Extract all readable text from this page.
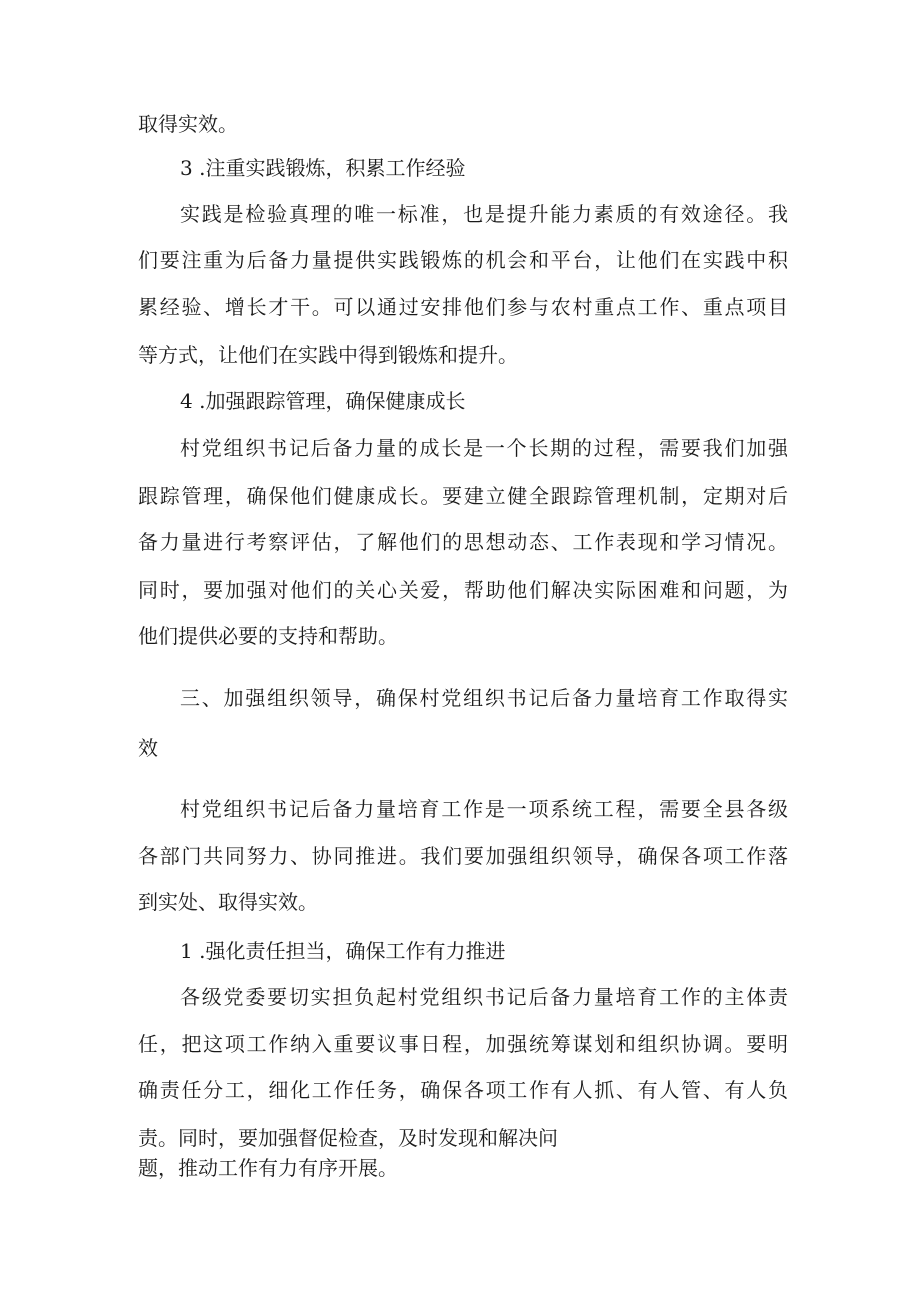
取得实效。
3 .注重实践锻炼，积累工作经验
实践是检验真理的唯一标准，也是提升能力素质的有效途径。我
们要注重为后备力量提供实践锻炼的机会和平台，让他们在实践中积
累经验、增长才干。可以通过安排他们参与农村重点工作、重点项目
等方式，让他们在实践中得到锻炼和提升。
4 .加强跟踪管理，确保健康成长
村党组织书记后备力量的成长是一个长期的过程，需要我们加强
跟踪管理，确保他们健康成长。要建立健全跟踪管理机制，定期对后
备力量进行考察评估，了解他们的思想动态、工作表现和学习情况。
同时，要加强对他们的关心关爱，帮助他们解决实际困难和问题，为
他们提供必要的支持和帮助。
三、加强组织领导，确保村党组织书记后备力量培育工作取得实
效
村党组织书记后备力量培育工作是一项系统工程，需要全县各级
各部门共同努力、协同推进。我们要加强组织领导，确保各项工作落
到实处、取得实效。
1 .强化责任担当，确保工作有力推进
各级党委要切实担负起村党组织书记后备力量培育工作的主体责
任，把这项工作纳入重要议事日程，加强统筹谋划和组织协调。要明
确责任分工，细化工作任务，确保各项工作有人抓、有人管、有人负
责。同时，要加强督促检查，及时发现和解决问
题，推动工作有力有序开展。
